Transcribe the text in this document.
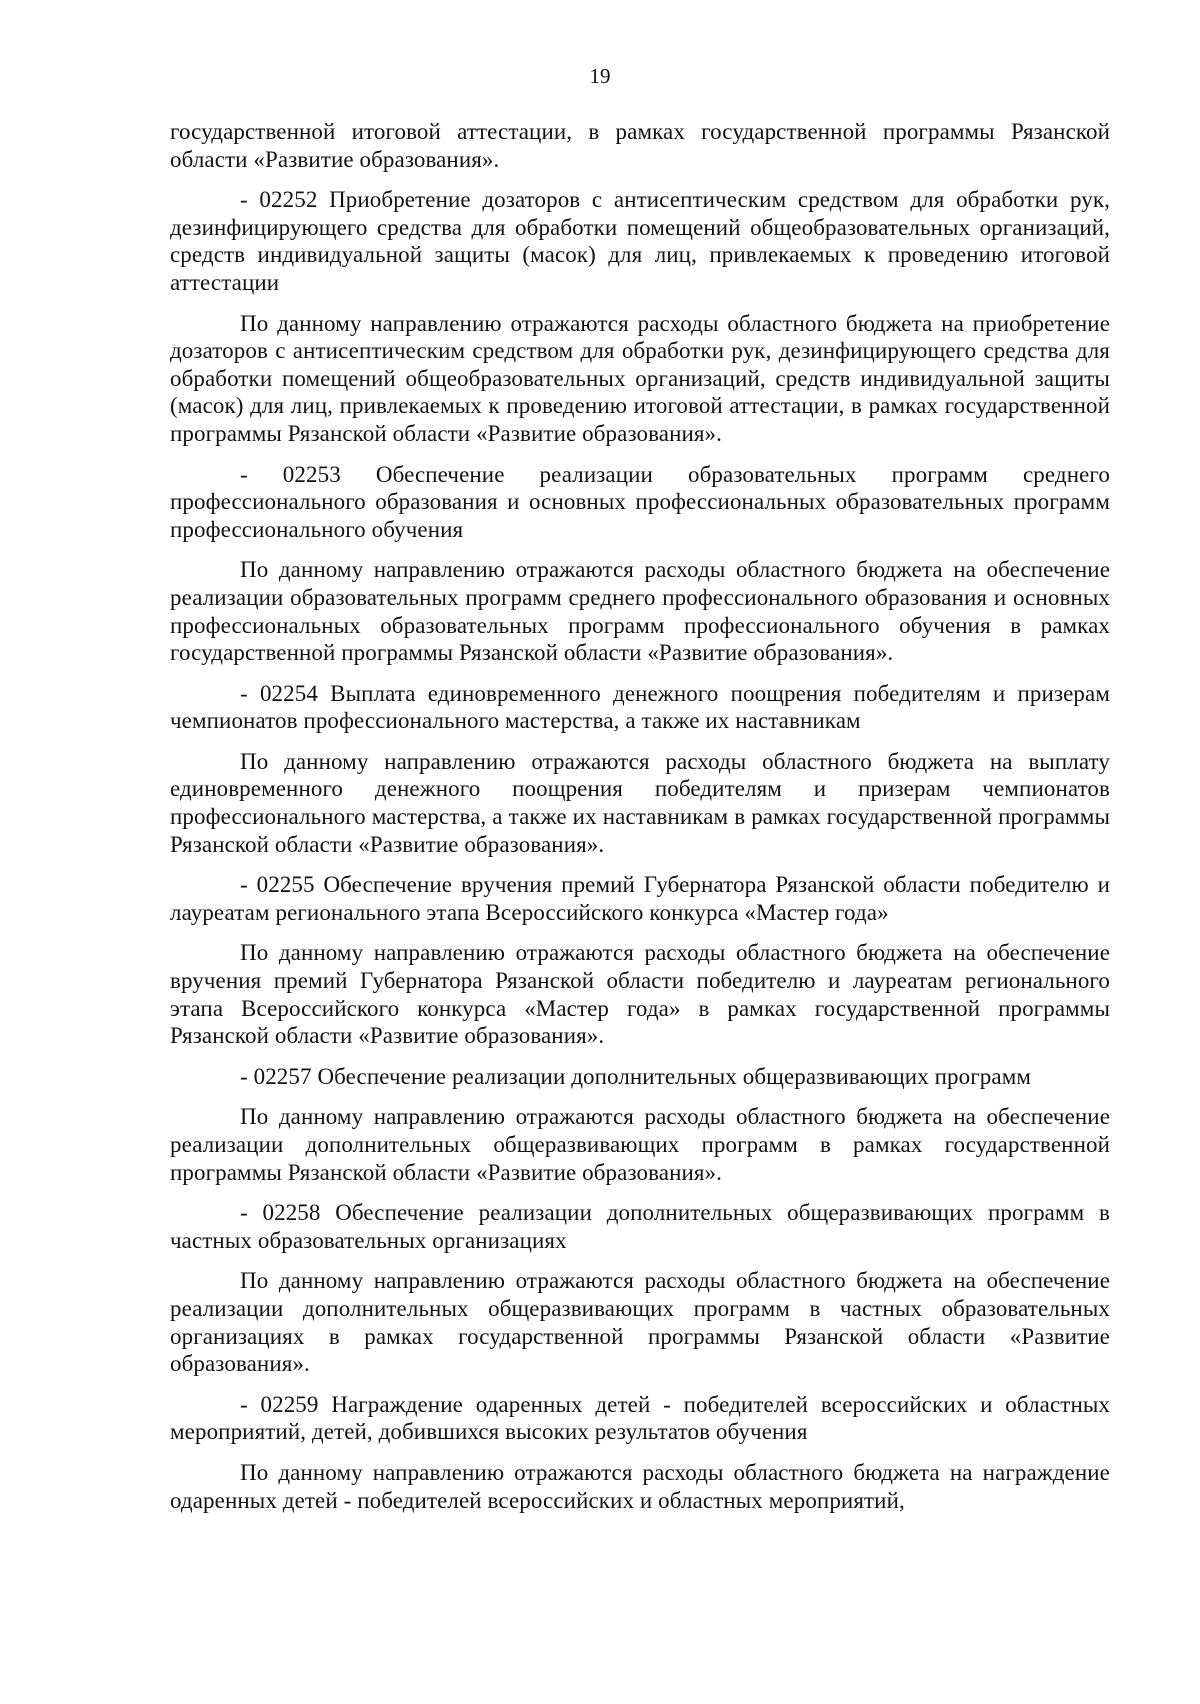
19

государственной итоговой аттестации, в рамках государственной программы Рязанской области «Развитие образования».

- 02252 Приобретение дозаторов с антисептическим средством для обработки рук, дезинфицирующего средства для обработки помещений общеобразовательных организаций, средств индивидуальной защиты (масок) для лиц, привлекаемых к проведению итоговой аттестации

По данному направлению отражаются расходы областного бюджета на приобретение дозаторов с антисептическим средством для обработки рук, дезинфицирующего средства для обработки помещений общеобразовательных организаций, средств индивидуальной защиты (масок) для лиц, привлекаемых к проведению итоговой аттестации, в рамках государственной программы Рязанской области «Развитие образования».

- 02253 Обеспечение реализации образовательных программ среднего профессионального образования и основных профессиональных образовательных программ профессионального обучения

По данному направлению отражаются расходы областного бюджета на обеспечение реализации образовательных программ среднего профессионального образования и основных профессиональных образовательных программ профессионального обучения в рамках государственной программы Рязанской области «Развитие образования».

- 02254 Выплата единовременного денежного поощрения победителям и призерам чемпионатов профессионального мастерства, а также их наставникам

По данному направлению отражаются расходы областного бюджета на выплату единовременного денежного поощрения победителям и призерам чемпионатов профессионального мастерства, а также их наставникам в рамках государственной программы Рязанской области «Развитие образования».

- 02255 Обеспечение вручения премий Губернатора Рязанской области победителю и лауреатам регионального этапа Всероссийского конкурса «Мастер года»

По данному направлению отражаются расходы областного бюджета на обеспечение вручения премий Губернатора Рязанской области победителю и лауреатам регионального этапа Всероссийского конкурса «Мастер года» в рамках государственной программы Рязанской области «Развитие образования».

- 02257 Обеспечение реализации дополнительных общеразвивающих программ

По данному направлению отражаются расходы областного бюджета на обеспечение реализации дополнительных общеразвивающих программ в рамках государственной программы Рязанской области «Развитие образования».

- 02258 Обеспечение реализации дополнительных общеразвивающих программ в частных образовательных организациях

По данному направлению отражаются расходы областного бюджета на обеспечение реализации дополнительных общеразвивающих программ в частных образовательных организациях в рамках государственной программы Рязанской области «Развитие образования».

- 02259 Награждение одаренных детей - победителей всероссийских и областных мероприятий, детей, добившихся высоких результатов обучения

По данному направлению отражаются расходы областного бюджета на награждение одаренных детей - победителей всероссийских и областных мероприятий,
